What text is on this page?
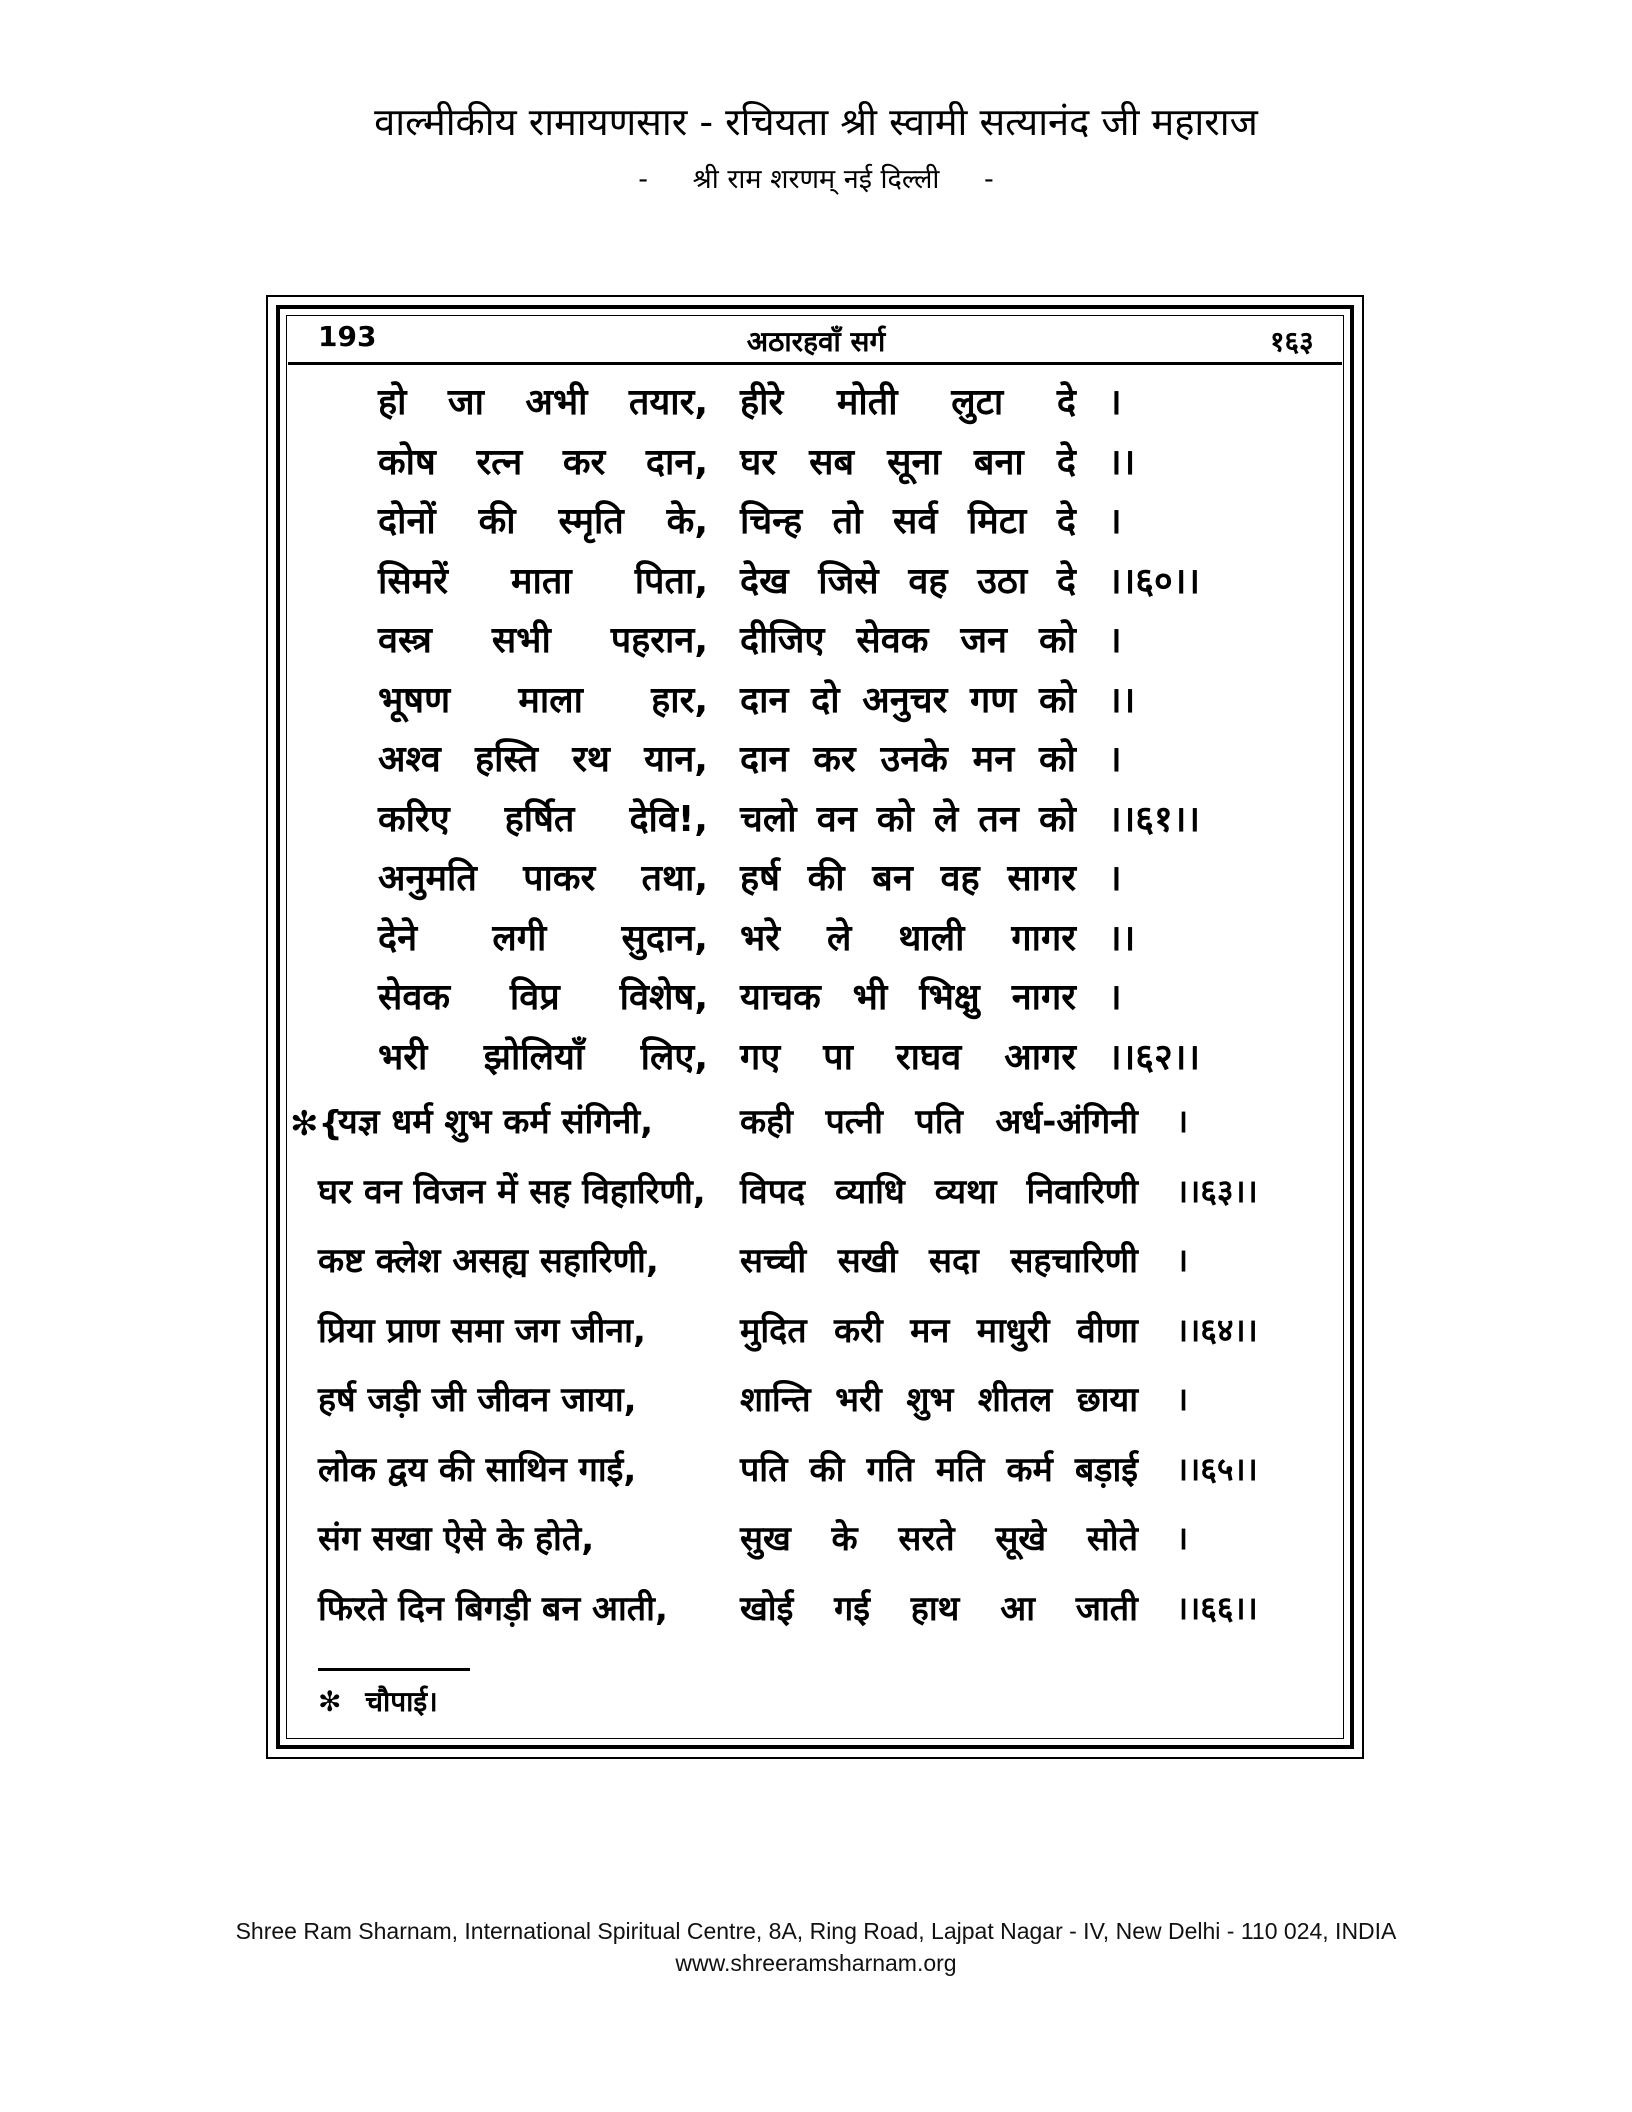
वाल्मीकीय रामायणसार - रचियता श्री स्वामी सत्यानंद जी महाराज
- श्री राम शरणम् नई दिल्ली -
193	अठारहवाँ सर्ग	१६३
हो जा अभी तयार, हीरे मोती लुटा दे ।
कोष रत्न कर दान, घर सब सूना बना दे ।।
दोनों की स्मृति के, चिन्ह तो सर्व मिटा दे ।
सिमरें माता पिता, देख जिसे वह उठा दे ।।६०।।
वस्त्र सभी पहरान, दीजिए सेवक जन को ।
भूषण माला हार, दान दो अनुचर गण को ।।
अश्व हस्ति रथ यान, दान कर उनके मन को ।
करिए हर्षित देवि!, चलो वन को ले तन को ।।६१।।
अनुमति पाकर तथा, हर्ष की बन वह सागर ।
देने लगी सुदान, भरे ले थाली गागर ।।
सेवक विप्र विशेष, याचक भी भिक्षु नागर ।
भरी झोलियाँ लिए, गए पा राघव आगर ।।६२।।
यज्ञ धर्म शुभ कर्म संगिनी,	कही पत्नी पति अर्ध-अंगिनी ।
घर वन विजन में सह विहारिणी, विपद व्याधि व्यथा निवारिणी ।।६३।।
कष्ट क्लेश असह्य सहारिणी, सच्ची सखी सदा सहचारिणी ।
प्रिया प्राण समा जग जीना,	मुदित करी मन माधुरी वीणा ।।६४।।
हर्ष जड़ी जी जीवन जाया,	शान्ति भरी शुभ शीतल छाया ।
लोक द्वय की साथिन गाई,	पति की गति मति कर्म बड़ाई ।।६५।।
संग सखा ऐसे के होते,	सुख के सरते सूखे सोते ।
फिरते दिन बिगड़ी बन आती, खोई गई हाथ आ जाती ।।६६।।
✻{
✻ चौपाई।
Shree Ram Sharnam, International Spiritual Centre, 8A, Ring Road, Lajpat Nagar - IV, New Delhi - 110 024, INDIA
www.shreeramsharnam.org
